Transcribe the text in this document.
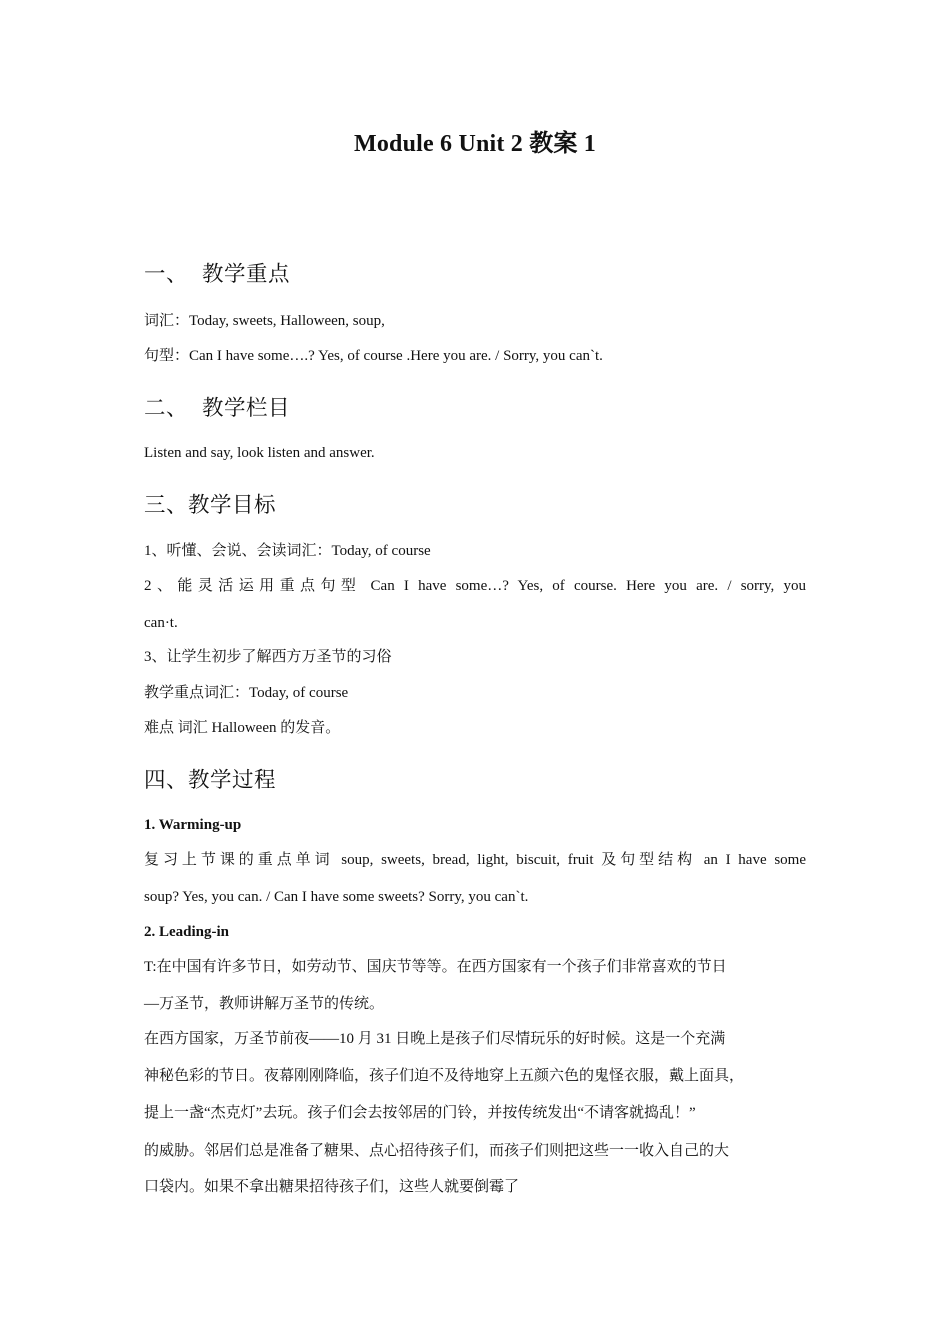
Module 6 Unit 2 教案 1
一、 教学重点
词汇：Today, sweets, Halloween, soup,
句型：Can I have some….? Yes, of course .Here you are. / Sorry, you can`t.
二、 教学栏目
Listen and say, look listen and answer.
三、教学目标
1、听懂、会说、会读词汇：Today, of course
2、能灵活运用重点句型 Can I have some…? Yes, of course. Here you are. / sorry, you
can·t.
3、让学生初步了解西方万圣节的习俗
教学重点词汇：Today, of course
难点 词汇 Halloween 的发音。
四、教学过程
1. Warming-up
复习上节课的重点单词 soup, sweets, bread, light, biscuit, fruit 及句型结构 an I have some
soup? Yes, you can. / Can I have some sweets? Sorry, you can`t.
2. Leading-in
T:在中国有许多节日，如劳动节、国庆节等等。在西方国家有一个孩子们非常喜欢的节日
—万圣节，教师讲解万圣节的传统。
在西方国家，万圣节前夜——10 月 31 日晚上是孩子们尽情玩乐的好时候。这是一个充满
神秘色彩的节日。夜幕刚刚降临，孩子们迫不及待地穿上五颜六色的鬼怪衣服，戴上面具，
提上一盏“杰克灯”去玩。孩子们会去按邻居的门铃，并按传统发出“不请客就捣乱！”
的威胁。邻居们总是准备了糖果、点心招待孩子们，而孩子们则把这些一一收入自己的大
口袋内。如果不拿出糖果招待孩子们，这些人就要倒霉了
